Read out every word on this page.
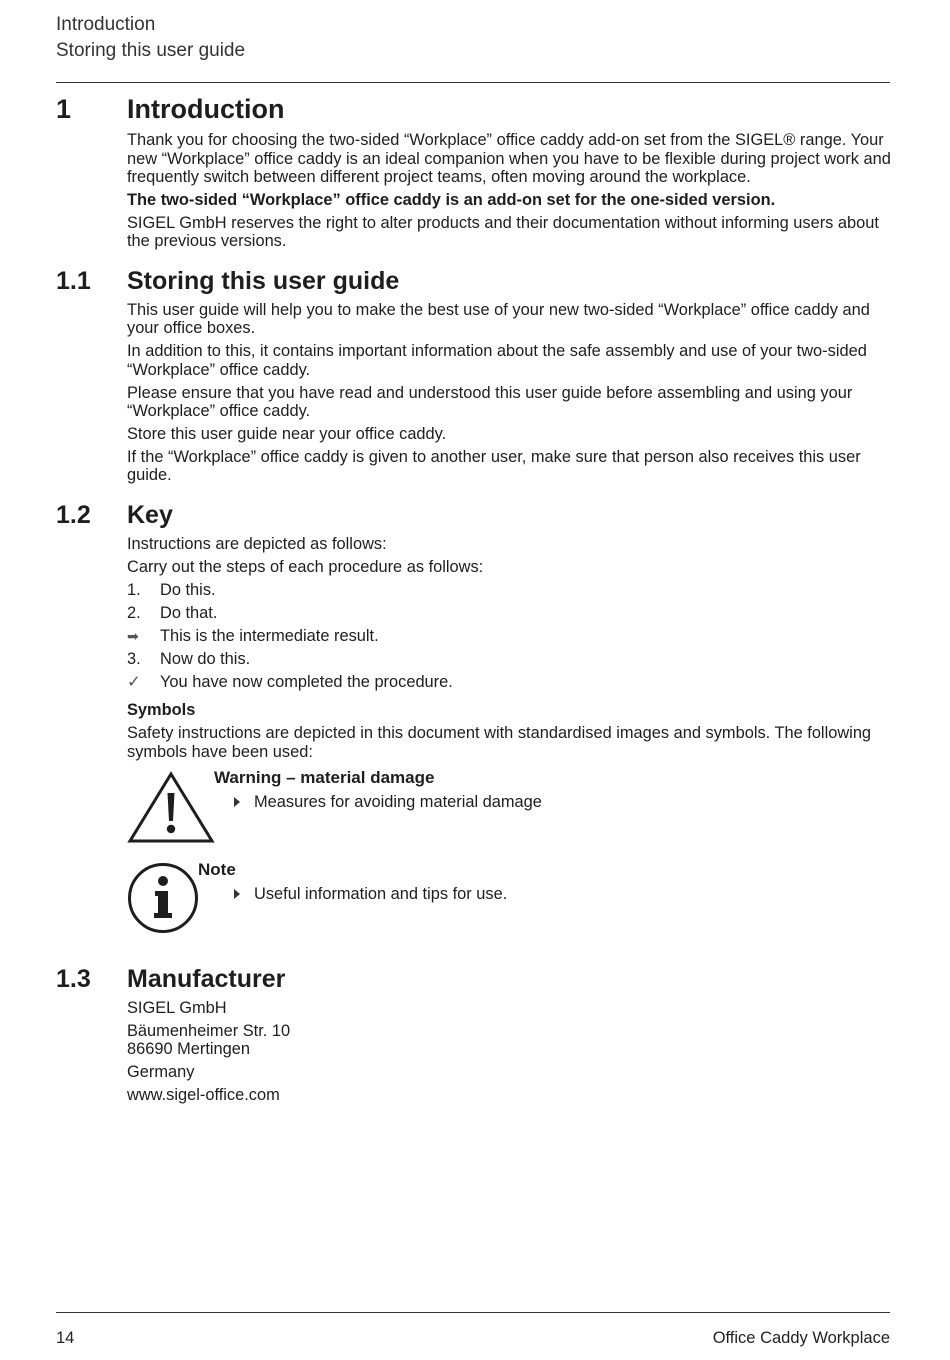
Introduction
Storing this user guide
1 Introduction

Thank you for choosing the two-sided “Workplace” office caddy add-on set from the SIGEL® range. Your new “Workplace” office caddy is an ideal companion when you have to be flexible during project work and frequently switch between different project teams, often moving around the workplace.

The two-sided “Workplace” office caddy is an add-on set for the one-sided version.

SIGEL GmbH reserves the right to alter products and their documentation without informing users about the previous versions.

1.1 Storing this user guide

This user guide will help you to make the best use of your new two-sided “Workplace” office caddy and your office boxes.

In addition to this, it contains important information about the safe assembly and use of your two-sided “Workplace” office caddy.

Please ensure that you have read and understood this user guide before assembling and using your “Workplace” office caddy.

Store this user guide near your office caddy.

If the “Workplace” office caddy is given to another user, make sure that person also receives this user guide.

1.2 Key

Instructions are depicted as follows:

Carry out the steps of each procedure as follows:

1. Do this.
2. Do that.
➡ This is the intermediate result.
3. Now do this.
✓ You have now completed the procedure.

Symbols

Safety instructions are depicted in this document with standardised images and symbols. The following symbols have been used:

Warning – material damage
Measures for avoiding material damage
Note
Useful information and tips for use.
1.3 Manufacturer

SIGEL GmbH

Bäumenheimer Str. 10

86690 Mertingen

Germany

www.sigel-office.com

14	Office Caddy Workplace
